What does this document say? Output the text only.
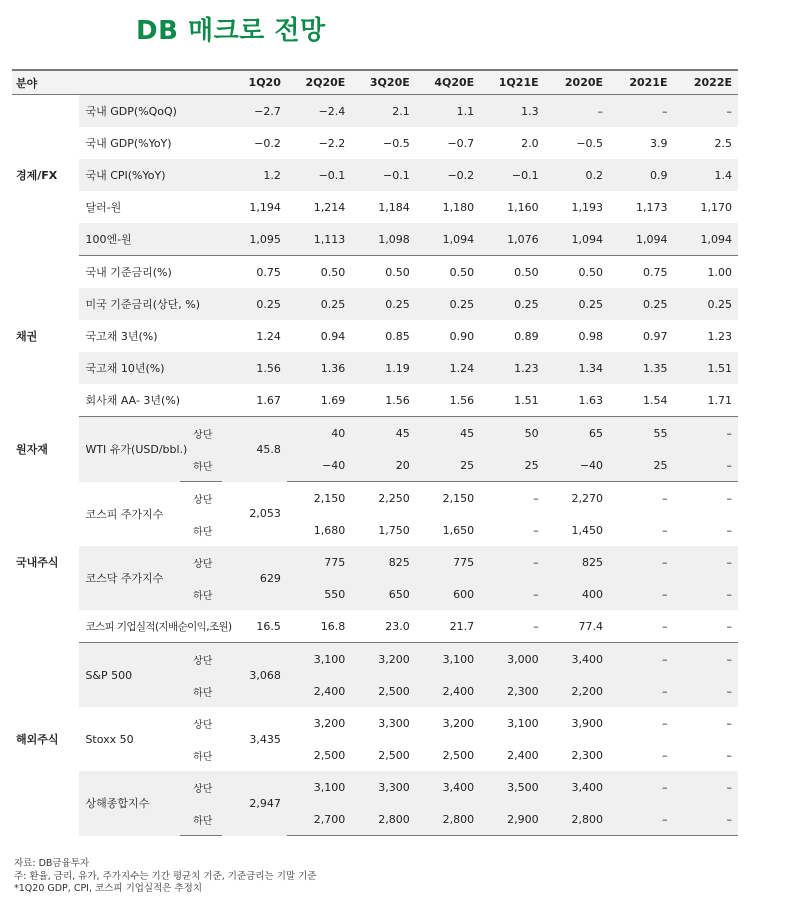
DB 매크로 전망
분야			1Q20	2Q20E	3Q20E	4Q20E	1Q21E	2020E	2021E	2022E
경제/FX	국내 GDP(%QoQ)		−2.7	−2.4	2.1	1.1	1.3	–	–	–
	국내 GDP(%YoY)		−0.2	−2.2	−0.5	−0.7	2.0	−0.5	3.9	2.5
	국내 CPI(%YoY)		1.2	−0.1	−0.1	−0.2	−0.1	0.2	0.9	1.4
	달러-원		1,194	1,214	1,184	1,180	1,160	1,193	1,173	1,170
	100엔-원		1,095	1,113	1,098	1,094	1,076	1,094	1,094	1,094
채권	국내 기준금리(%)		0.75	0.50	0.50	0.50	0.50	0.50	0.75	1.00
	미국 기준금리(상단, %)		0.25	0.25	0.25	0.25	0.25	0.25	0.25	0.25
	국고채 3년(%)		1.24	0.94	0.85	0.90	0.89	0.98	0.97	1.23
	국고채 10년(%)		1.56	1.36	1.19	1.24	1.23	1.34	1.35	1.51
	회사채 AA- 3년(%)		1.67	1.69	1.56	1.56	1.51	1.63	1.54	1.71
원자재	WTI 유가(USD/bbl.)	상단	45.8	40	45	45	50	65	55	–
		하단		−40	20	25	25	−40	25	–
국내주식	코스피 주가지수	상단	2,053	2,150	2,250	2,150	–	2,270	–	–
		하단		1,680	1,750	1,650	–	1,450	–	–
	코스닥 주가지수	상단	629	775	825	775	–	825	–	–
		하단		550	650	600	–	400	–	–
	코스피 기업실적(지배순이익,조원)		16.5	16.8	23.0	21.7	–	77.4	–	–
해외주식	S&P 500	상단	3,068	3,100	3,200	3,100	3,000	3,400	–	–
		하단		2,400	2,500	2,400	2,300	2,200	–	–
	Stoxx 50	상단	3,435	3,200	3,300	3,200	3,100	3,900	–	–
		하단		2,500	2,500	2,500	2,400	2,300	–	–
	상해종합지수	상단	2,947	3,100	3,300	3,400	3,500	3,400	–	–
		하단		2,700	2,800	2,800	2,900	2,800	–	–
자료: DB금융투자
주: 환율, 금리, 유가, 주가지수는 기간 평균치 기준, 기준금리는 기말 기준
*1Q20 GDP, CPI, 코스피 기업실적은 추정치
